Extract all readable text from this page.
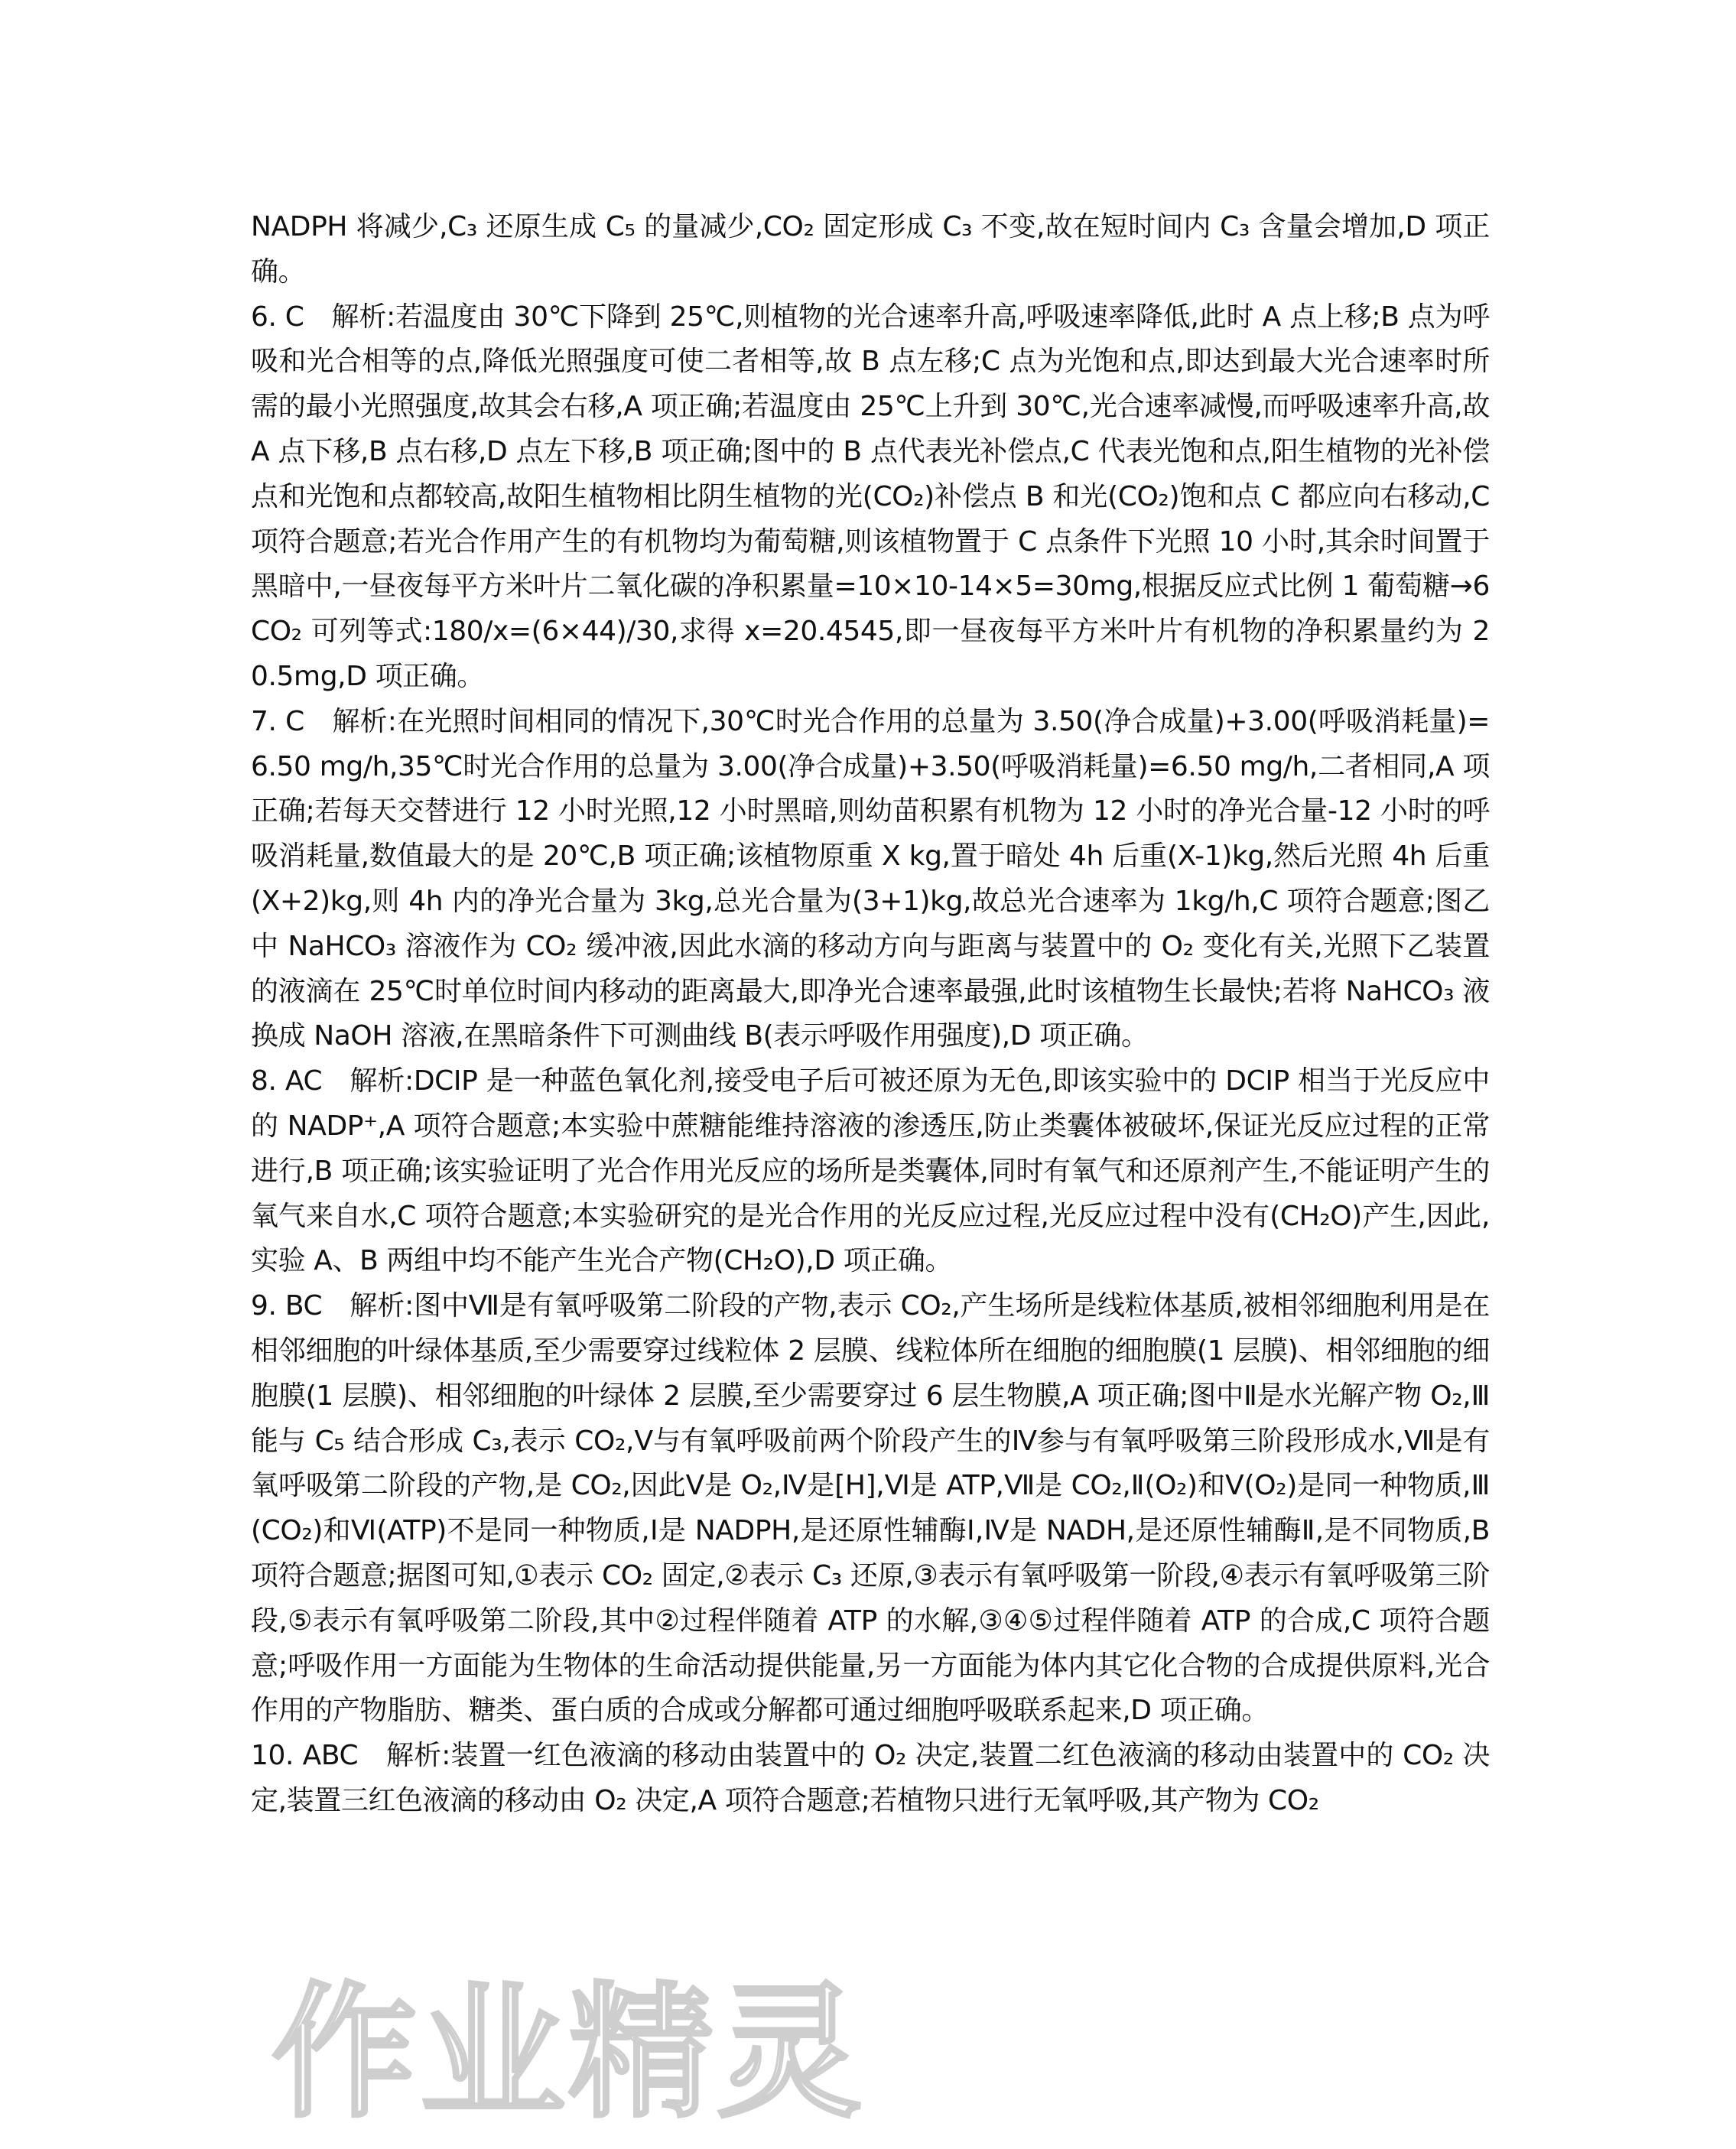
NADPH 将减少,C₃ 还原生成 C₅ 的量减少,CO₂ 固定形成 C₃ 不变,故在短时间内 C₃ 含量会增加,D 项正确。

6. C　解析:若温度由 30℃下降到 25℃,则植物的光合速率升高,呼吸速率降低,此时 A 点上移;B 点为呼吸和光合相等的点,降低光照强度可使二者相等,故 B 点左移;C 点为光饱和点,即达到最大光合速率时所需的最小光照强度,故其会右移,A 项正确;若温度由 25℃上升到 30℃,光合速率减慢,而呼吸速率升高,故 A 点下移,B 点右移,D 点左下移,B 项正确;图中的 B 点代表光补偿点,C 代表光饱和点,阳生植物的光补偿点和光饱和点都较高,故阳生植物相比阴生植物的光(CO₂)补偿点 B 和光(CO₂)饱和点 C 都应向右移动,C 项符合题意;若光合作用产生的有机物均为葡萄糖,则该植物置于 C 点条件下光照 10 小时,其余时间置于黑暗中,一昼夜每平方米叶片二氧化碳的净积累量=10×10-14×5=30mg,根据反应式比例 1 葡萄糖→6CO₂ 可列等式:180/x=(6×44)/30,求得 x=20.4545,即一昼夜每平方米叶片有机物的净积累量约为 20.5mg,D 项正确。

7. C　解析:在光照时间相同的情况下,30℃时光合作用的总量为 3.50(净合成量)+3.00(呼吸消耗量)=6.50 mg/h,35℃时光合作用的总量为 3.00(净合成量)+3.50(呼吸消耗量)=6.50 mg/h,二者相同,A 项正确;若每天交替进行 12 小时光照,12 小时黑暗,则幼苗积累有机物为 12 小时的净光合量-12 小时的呼吸消耗量,数值最大的是 20℃,B 项正确;该植物原重 X kg,置于暗处 4h 后重(X-1)kg,然后光照 4h 后重(X+2)kg,则 4h 内的净光合量为 3kg,总光合量为(3+1)kg,故总光合速率为 1kg/h,C 项符合题意;图乙中 NaHCO₃ 溶液作为 CO₂ 缓冲液,因此水滴的移动方向与距离与装置中的 O₂ 变化有关,光照下乙装置的液滴在 25℃时单位时间内移动的距离最大,即净光合速率最强,此时该植物生长最快;若将 NaHCO₃ 液换成 NaOH 溶液,在黑暗条件下可测曲线 B(表示呼吸作用强度),D 项正确。

8. AC　解析:DCIP 是一种蓝色氧化剂,接受电子后可被还原为无色,即该实验中的 DCIP 相当于光反应中的 NADP⁺,A 项符合题意;本实验中蔗糖能维持溶液的渗透压,防止类囊体被破坏,保证光反应过程的正常进行,B 项正确;该实验证明了光合作用光反应的场所是类囊体,同时有氧气和还原剂产生,不能证明产生的氧气来自水,C 项符合题意;本实验研究的是光合作用的光反应过程,光反应过程中没有(CH₂O)产生,因此,实验 A、B 两组中均不能产生光合产物(CH₂O),D 项正确。

9. BC　解析:图中Ⅶ是有氧呼吸第二阶段的产物,表示 CO₂,产生场所是线粒体基质,被相邻细胞利用是在相邻细胞的叶绿体基质,至少需要穿过线粒体 2 层膜、线粒体所在细胞的细胞膜(1 层膜)、相邻细胞的细胞膜(1 层膜)、相邻细胞的叶绿体 2 层膜,至少需要穿过 6 层生物膜,A 项正确;图中Ⅱ是水光解产物 O₂,Ⅲ能与 C₅ 结合形成 C₃,表示 CO₂,Ⅴ与有氧呼吸前两个阶段产生的Ⅳ参与有氧呼吸第三阶段形成水,Ⅶ是有氧呼吸第二阶段的产物,是 CO₂,因此Ⅴ是 O₂,Ⅳ是[H],Ⅵ是 ATP,Ⅶ是 CO₂,Ⅱ(O₂)和Ⅴ(O₂)是同一种物质,Ⅲ(CO₂)和Ⅵ(ATP)不是同一种物质,Ⅰ是 NADPH,是还原性辅酶Ⅰ,Ⅳ是 NADH,是还原性辅酶Ⅱ,是不同物质,B 项符合题意;据图可知,①表示 CO₂ 固定,②表示 C₃ 还原,③表示有氧呼吸第一阶段,④表示有氧呼吸第三阶段,⑤表示有氧呼吸第二阶段,其中②过程伴随着 ATP 的水解,③④⑤过程伴随着 ATP 的合成,C 项符合题意;呼吸作用一方面能为生物体的生命活动提供能量,另一方面能为体内其它化合物的合成提供原料,光合作用的产物脂肪、糖类、蛋白质的合成或分解都可通过细胞呼吸联系起来,D 项正确。

10. ABC　解析:装置一红色液滴的移动由装置中的 O₂ 决定,装置二红色液滴的移动由装置中的 CO₂ 决定,装置三红色液滴的移动由 O₂ 决定,A 项符合题意;若植物只进行无氧呼吸,其产物为 CO₂

作业精灵
